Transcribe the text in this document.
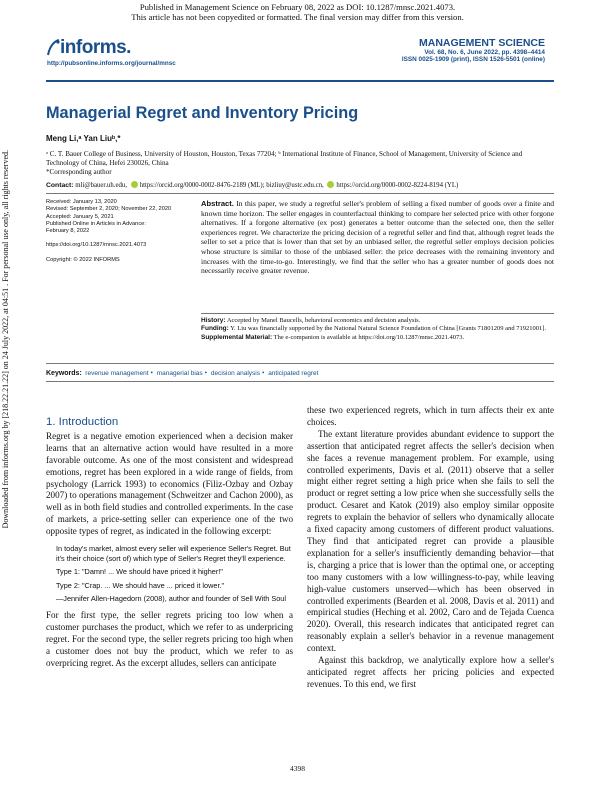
Published in Management Science on February 08, 2022 as DOI: 10.1287/mnsc.2021.4073.
This article has not been copyedited or formatted. The final version may differ from this version.
Downloaded from informs.org by [218.22.21.22] on 24 July 2022, at 04:51 . For personal use only, all rights reserved.
informs.
http://pubsonline.informs.org/journal/mnsc
MANAGEMENT SCIENCE
Vol. 68, No. 6, June 2022, pp. 4398–4414
ISSN 0025-1909 (print), ISSN 1526-5501 (online)
Managerial Regret and Inventory Pricing
Meng Li,ᵃ Yan Liuᵇ,*
ᵃ C. T. Bauer College of Business, University of Houston, Houston, Texas 77204; ᵇ International Institute of Finance, School of Management, University of Science and Technology of China, Hefei 230026, China
*Corresponding author
Contact: mli@bauer.uh.edu, https://orcid.org/0000-0002-8476-2189 (ML); bizliuy@ustc.edu.cn, https://orcid.org/0000-0002-8224-8194 (YL)
Received: January 13, 2020
Revised: September 2, 2020; November 22, 2020
Accepted: January 5, 2021
Published Online in Articles in Advance:
February 8, 2022
https://doi.org/10.1287/mnsc.2021.4073
Copyright: © 2022 INFORMS
Abstract. In this paper, we study a regretful seller's problem of selling a fixed number of goods over a finite and known time horizon. The seller engages in counterfactual thinking to compare her selected price with other forgone alternatives. If a forgone alternative (ex post) generates a better outcome than the selected one, then the seller experiences regret. We characterize the pricing decision of a regretful seller and find that, although regret leads the seller to set a price that is lower than that set by an unbiased seller, the regretful seller employs decision policies whose structure is similar to those of the unbiased seller: the price decreases with the remaining inventory and increases with the time-to-go. Interestingly, we find that the seller who has a greater number of goods does not necessarily receive greater revenue.
History: Accepted by Manel Baucells, behavioral economics and decision analysis.
Funding: Y. Liu was financially supported by the National Natural Science Foundation of China [Grants 71801209 and 71921001].
Supplemental Material: The e-companion is available at https://doi.org/10.1287/mnsc.2021.4073.
Keywords: revenue management • managerial bias • decision analysis • anticipated regret

1. Introduction

Regret is a negative emotion experienced when a decision maker learns that an alternative action would have resulted in a more favorable outcome. As one of the most consistent and widespread emotions, regret has been explored in a wide range of fields, from psychology (Larrick 1993) to economics (Filiz-Ozbay and Ozbay 2007) to operations management (Schweitzer and Cachon 2000), as well as in both field studies and controlled experiments. In the case of markets, a price-setting seller can experience one of the two opposite types of regret, as indicated in the following excerpt:

In today's market, almost every seller will experience Seller's Regret. But it's their choice (sort of) which type of Seller's Regret they'll experience.

Type 1: "Damn! ... We should have priced it higher!"

Type 2: "Crap. ... We should have ... priced it lower."

—Jennifer Allen-Hagedorn (2008), author and founder of Sell With Soul

For the first type, the seller regrets pricing too low when a customer purchases the product, which we refer to as underpricing regret. For the second type, the seller regrets pricing too high when a customer does not buy the product, which we refer to as overpricing regret. As the excerpt alludes, sellers can anticipate

these two experienced regrets, which in turn affects their ex ante choices.

The extant literature provides abundant evidence to support the assertion that anticipated regret affects the seller's decision when she faces a revenue management problem. For example, using controlled experiments, Davis et al. (2011) observe that a seller might either regret setting a high price when she fails to sell the product or regret setting a low price when she successfully sells the product. Cesaret and Katok (2019) also employ similar opposite regrets to explain the behavior of sellers who dynamically allocate a fixed capacity among customers of different product valuations. They find that anticipated regret can provide a plausible explanation for a seller's insufficiently demanding behavior—that is, charging a price that is lower than the optimal one, or accepting too many customers with a low willingness-to-pay, while leaving high-value customers unserved—which has been observed in controlled experiments (Bearden et al. 2008, Davis et al. 2011) and empirical studies (Heching et al. 2002, Caro and de Tejada Cuenca 2020). Overall, this research indicates that anticipated regret can reasonably explain a seller's behavior in a revenue management context.

Against this backdrop, we analytically explore how a seller's anticipated regret affects her pricing policies and expected revenues. To this end, we first

4398
